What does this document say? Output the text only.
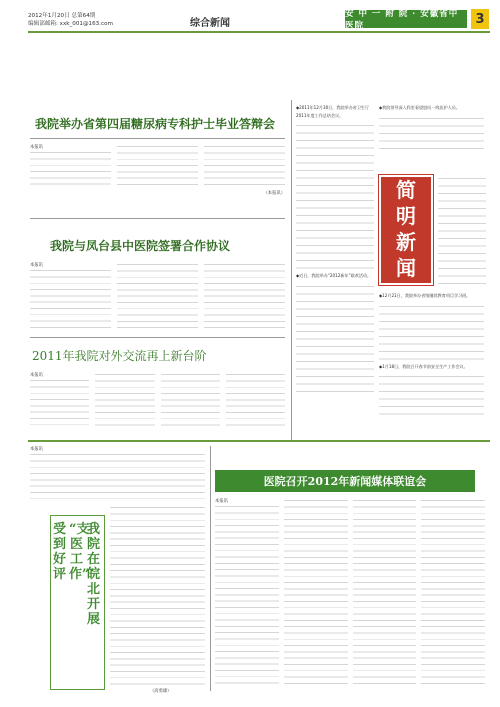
2012年1月20日 总第64期
编辑部邮箱: xxk_001@163.com	综合新闻
安 中 一 附 院 · 安徽省中医院	3
我院举办省第四届糖尿病专科护士毕业答辩会
本报讯
（本报讯）
我院与凤台县中医院签署合作协议
本报讯
2011年我院对外交流再上新台阶
本报讯
◆2011年12月30日，我院举办省卫生厅2011年度工作总结会议。
◆近日，我院举办“2012新年”联欢活动。
◆我院领导深入科室看望慰问一线医护人员。
简
明
新
闻
◆12月21日，我院举办省级继续教育项目学习班。
◆1月18日，我院召开春节前安全生产工作会议。
本报讯
我院在皖北开展
“支医工作”
受到好评
（高勇雄）
医院召开2012年新闻媒体联谊会
本报讯
